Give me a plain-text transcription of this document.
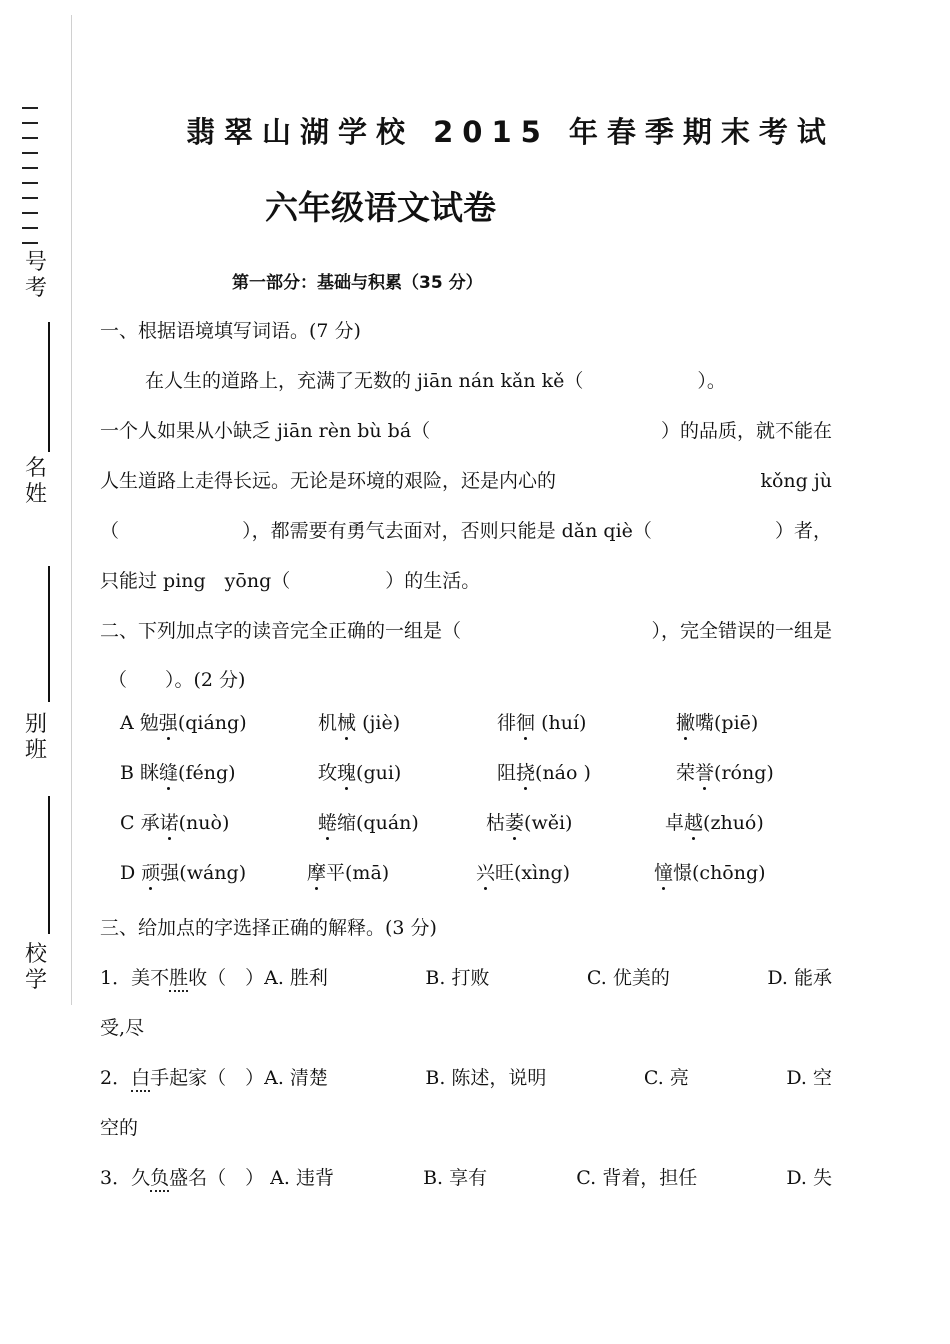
号
考
名
姓
别
班
校
学
翡翠山湖学校 2015 年春季期末考试
六年级语文试卷
第一部分：基础与积累（35 分）
一、根据语境填写词语。(7 分)
在人生的道路上，充满了无数的 jiān nán kǎn kě（　　　　　　）。
一个人如果从小缺乏 jiān rèn bù bá（	）的品质，就不能在
人生道路上走得长远。无论是环境的艰险，还是内心的	kǒng jù
（	），都需要有勇气去面对，否则只能是 dǎn qiè（	）者，
只能过 ping　yōng（　　　　　）的生活。
二、下列加点字的读音完全正确的一组是（	），完全错误的一组是
（　　）。(2 分)
A 勉强(qiáng)	机械 (jiè)	徘徊 (huí)	撇嘴(piē)
B 眯缝(féng)	玫瑰(gui)	阻挠(náo )	荣誉(róng)
C 承诺(nuò)	蜷缩(quán)	枯萎(wěi)	卓越(zhuó)
D 顽强(wáng)	摩平(mā)	兴旺(xìng)	憧憬(chōng)
三、给加点的字选择正确的解释。(3 分)
1．美不胜收（　）A. 胜利	B. 打败	C. 优美的	D. 能承
受,尽
2．白手起家（　）A. 清楚	B. 陈述，说明	C. 亮	D. 空
空的
3．久负盛名（　） A. 违背	B. 享有	C. 背着，担任	D. 失
